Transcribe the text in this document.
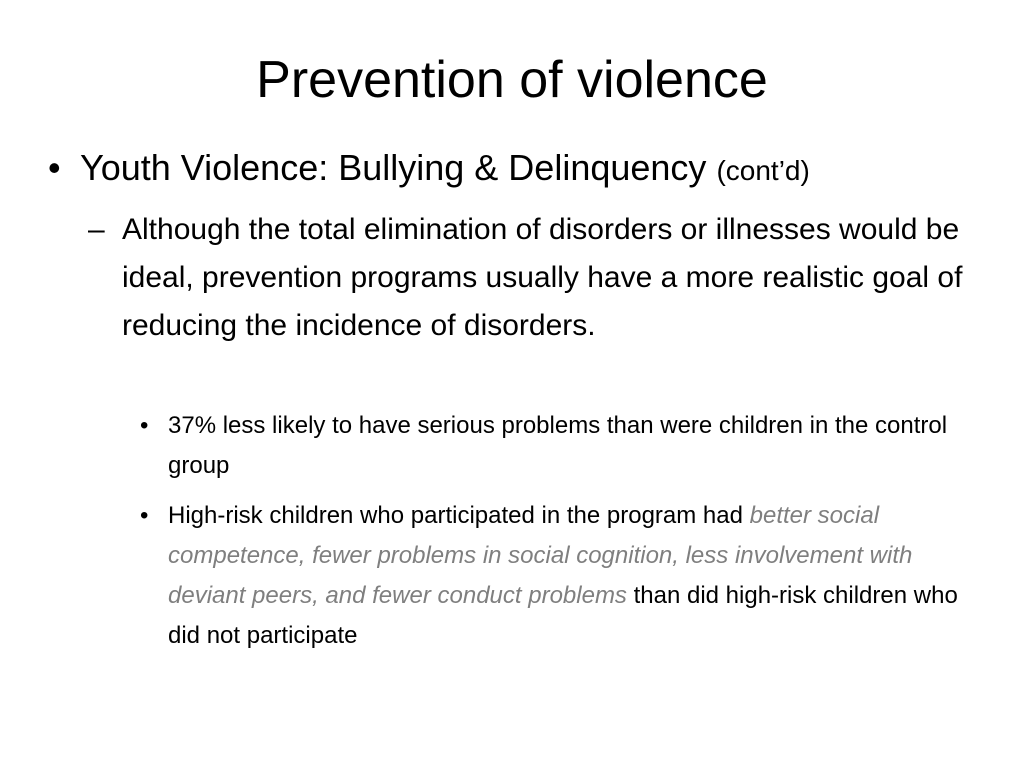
Prevention of violence
• Youth Violence: Bullying & Delinquency (cont’d)
– Although the total elimination of disorders or illnesses would be ideal, prevention programs usually have a more realistic goal of reducing the incidence of disorders.
• 37% less likely to have serious problems than were children in the control group
• High-risk children who participated in the program had better social competence, fewer problems in social cognition, less involvement with deviant peers, and fewer conduct problems than did high-risk children who did not participate
